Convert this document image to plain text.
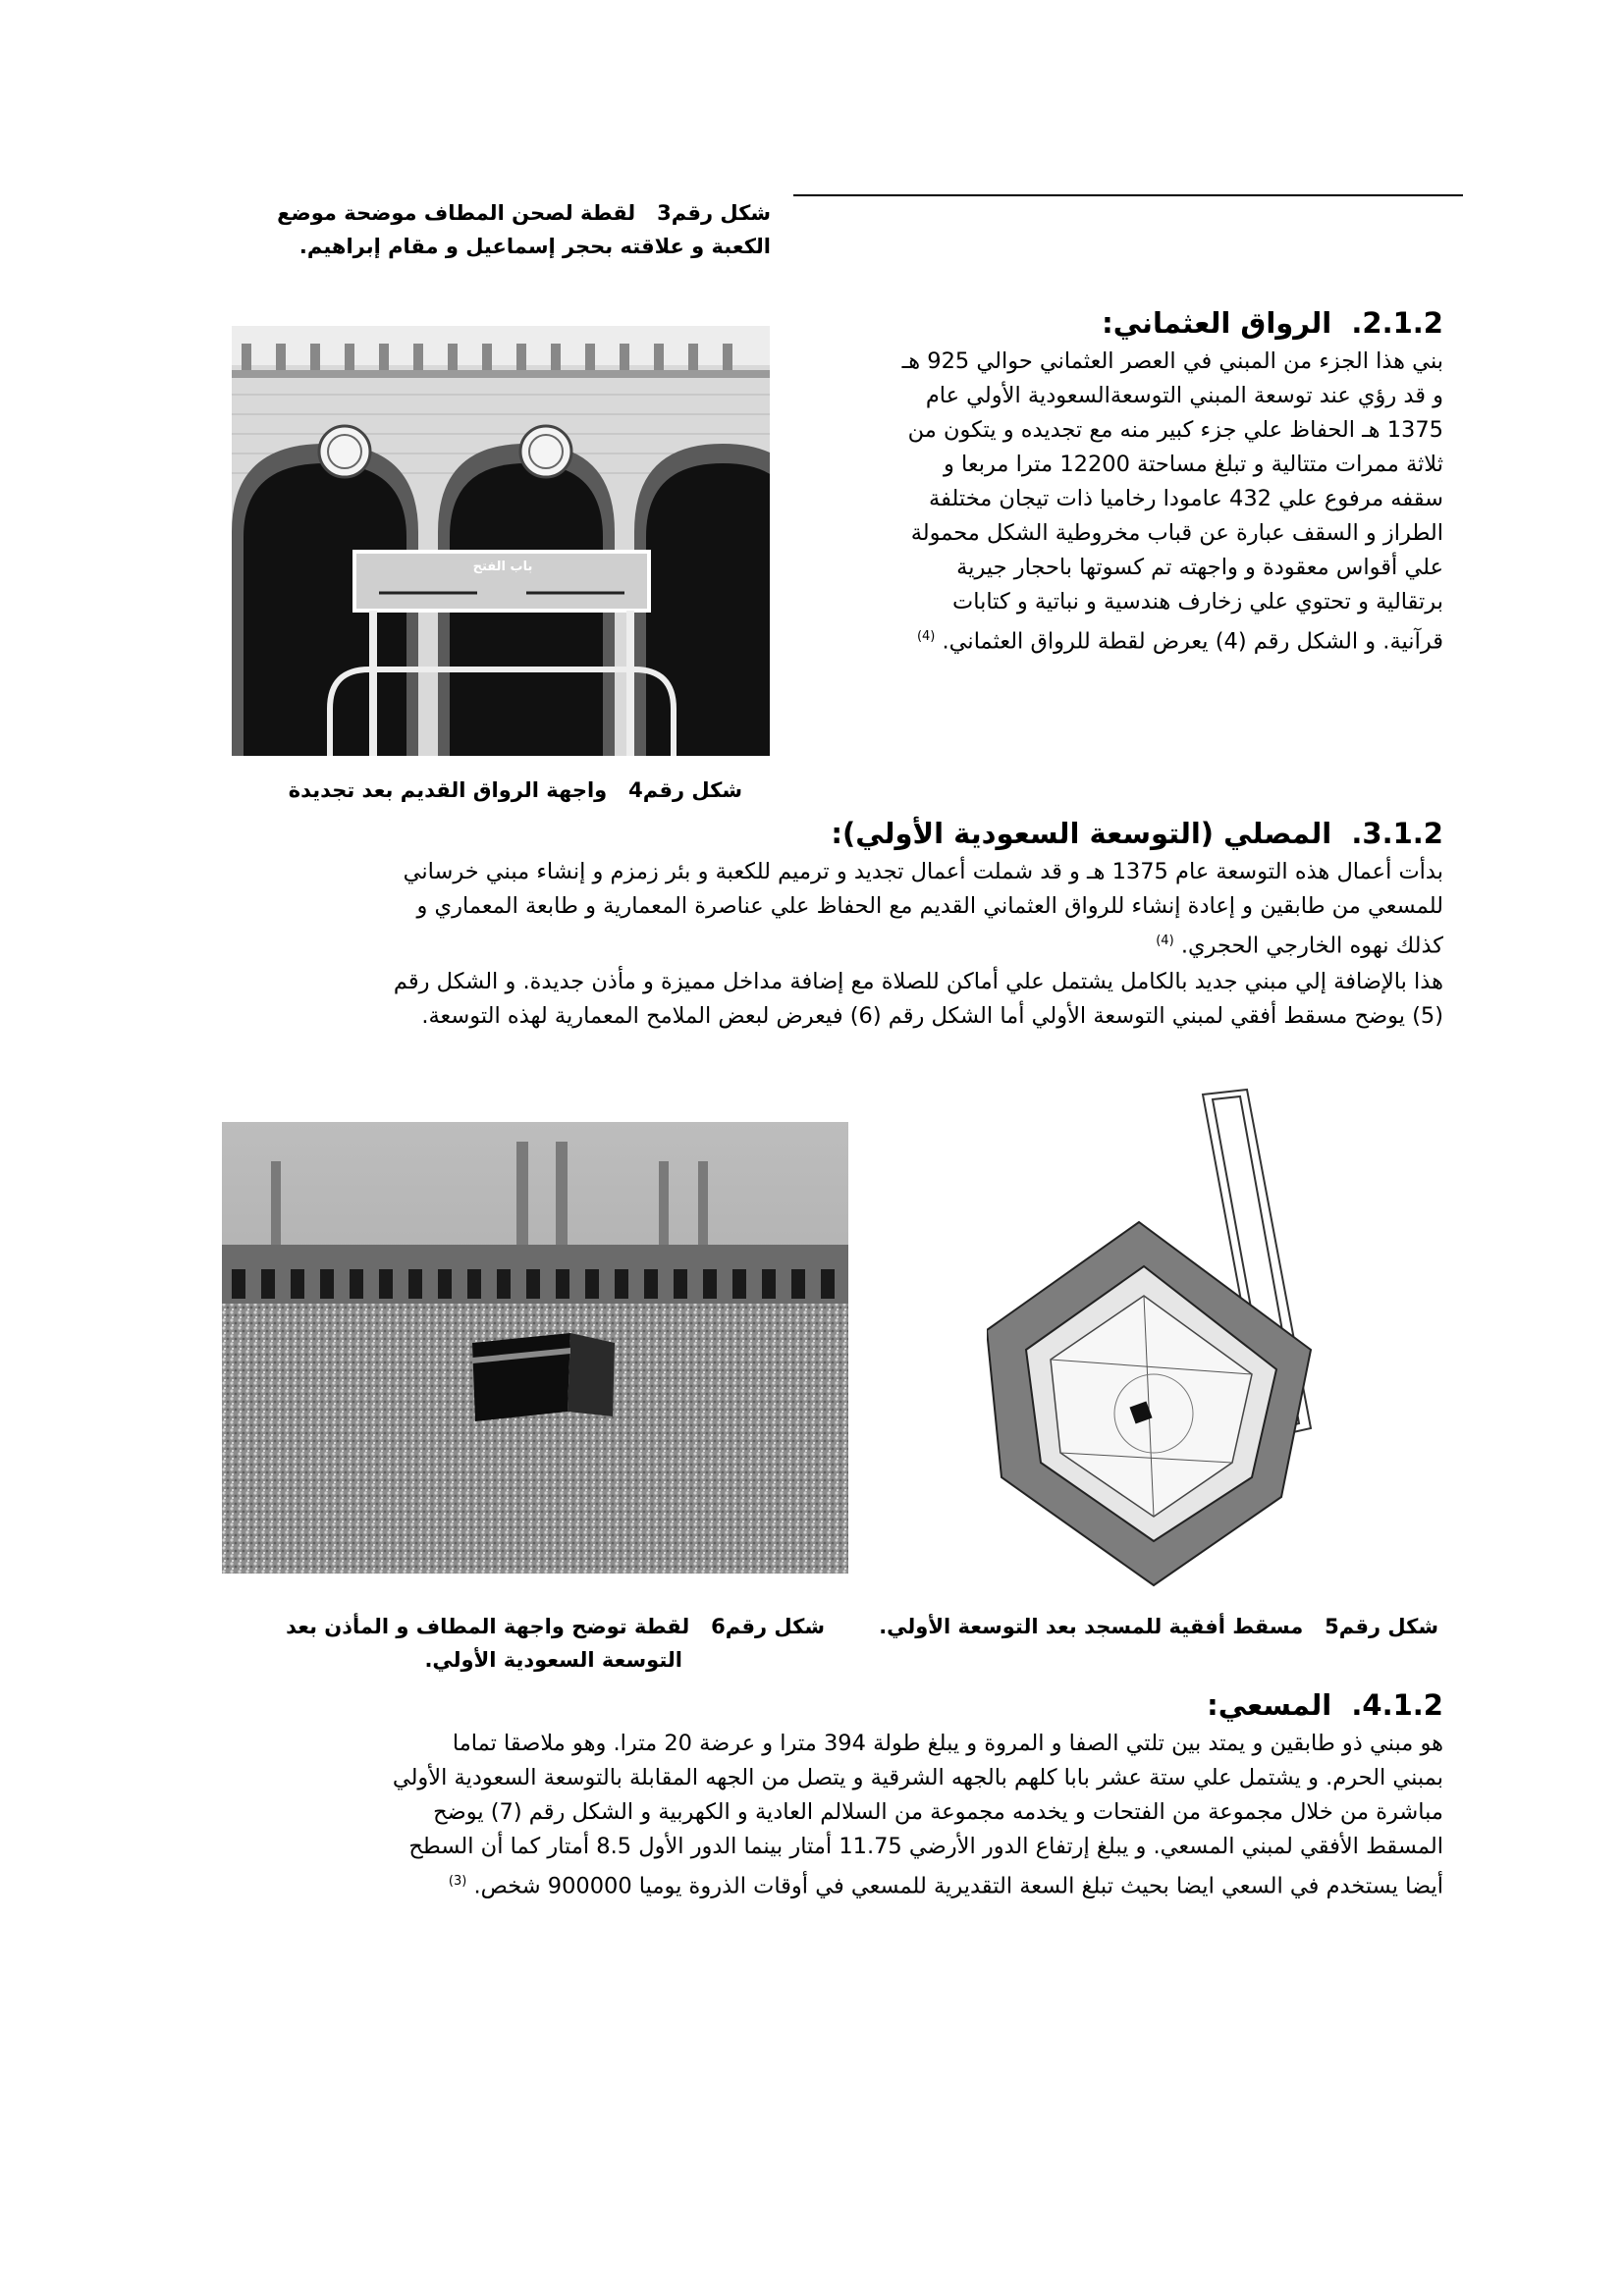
شكل رقم3   لقطة لصحن المطاف موضحة موضع
الكعبة و علاقته بحجر إسماعيل و مقام إبراهيم.
باب الفتح
2.1.2.  الرواق العثماني:
بني هذا الجزء من المبني في العصر العثماني حوالي 925 هـ
و قد رؤي عند توسعة المبني التوسعةالسعودية الأولي عام
1375 هـ الحفاظ علي جزء كبير منه مع تجديده و يتكون من
ثلاثة ممرات متتالية و تبلغ مساحتة 12200 مترا مربعا و
سقفه مرفوع علي 432 عامودا رخاميا ذات تيجان مختلفة
الطراز و السقف عبارة عن قباب مخروطية الشكل محمولة
علي أقواس معقودة و واجهته تم كسوتها باحجار جيرية
برتقالية و تحتوي علي زخارف هندسية و نباتية و كتابات
قرآنية. و الشكل رقم (4) يعرض لقطة للرواق العثماني. $^{(4)}$
شكل رقم4   واجهة الرواق القديم بعد تجديدة
3.1.2.  المصلي (التوسعة السعودية الأولي):
بدأت أعمال هذه التوسعة عام 1375 هـ و قد شملت أعمال تجديد و ترميم للكعبة و بئر زمزم و إنشاء مبني خرساني
للمسعي من طابقين و إعادة إنشاء للرواق العثماني القديم مع الحفاظ علي عناصرة المعمارية و طابعة المعماري و
كذلك نهوه الخارجي الحجري. $^{(4)}$
هذا بالإضافة إلي مبني جديد بالكامل يشتمل علي أماكن للصلاة مع إضافة مداخل مميزة و مأذن جديدة. و الشكل رقم
(5) يوضح مسقط أفقي لمبني التوسعة الأولي أما الشكل رقم (6) فيعرض لبعض الملامح المعمارية لهذه التوسعة.
شكل رقم5   مسقط أفقية للمسجد بعد التوسعة الأولي.
شكل رقم6   لقطة توضح واجهة المطاف و المأذن بعد
التوسعة السعودية الأولي.
4.1.2.  المسعي:
هو مبني ذو طابقين و يمتد بين تلتي الصفا و المروة و يبلغ طولة 394 مترا و عرضة 20 مترا. وهو ملاصقا تماما
بمبني الحرم. و يشتمل علي ستة عشر بابا كلهم بالجهه الشرقية و يتصل من الجهه المقابلة بالتوسعة السعودية الأولي
مباشرة من خلال مجموعة من الفتحات و يخدمه مجموعة من السلالم العادية و الكهربية و الشكل رقم (7) يوضح
المسقط الأفقي لمبني المسعي. و يبلغ إرتفاع الدور الأرضي 11.75 أمتار بينما الدور الأول 8.5 أمتار كما أن السطح
أيضا يستخدم في السعي ايضا بحيث تبلغ السعة التقديرية للمسعي في أوقات الذروة يوميا 900000 شخص. $^{(3)}$
